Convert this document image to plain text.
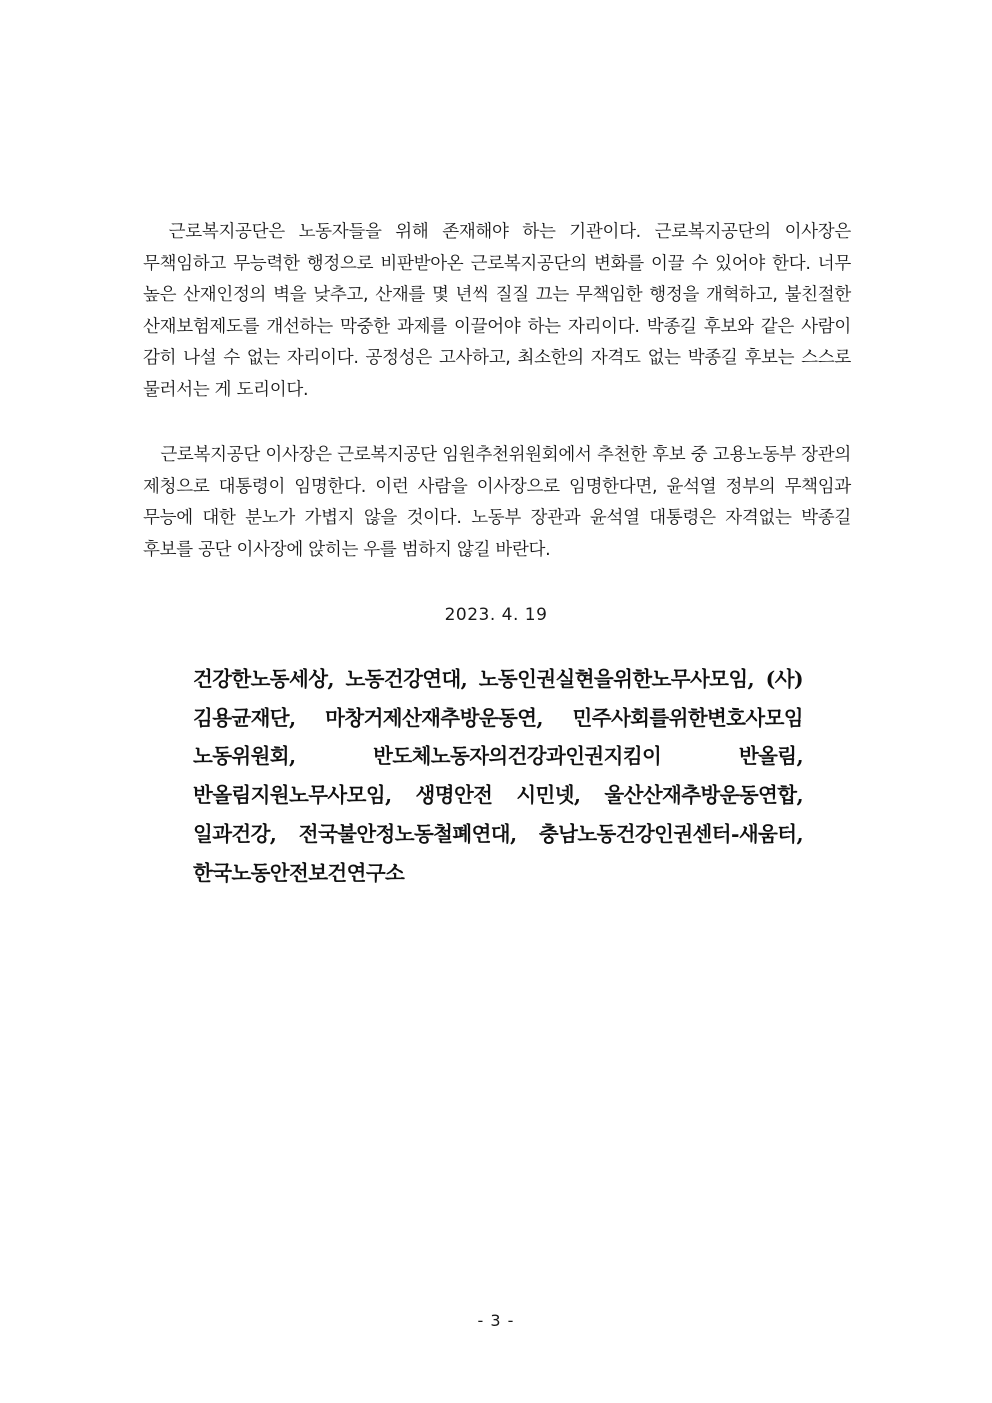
　근로복지공단은 노동자들을 위해 존재해야 하는 기관이다. 근로복지공단의 이사장은 무책임하고 무능력한 행정으로 비판받아온 근로복지공단의 변화를 이끌 수 있어야 한다. 너무 높은 산재인정의 벽을 낮추고, 산재를 몇 년씩 질질 끄는 무책임한 행정을 개혁하고, 불친절한 산재보험제도를 개선하는 막중한 과제를 이끌어야 하는 자리이다. 박종길 후보와 같은 사람이 감히 나설 수 없는 자리이다. 공정성은 고사하고, 최소한의 자격도 없는 박종길 후보는 스스로 물러서는 게 도리이다.

　근로복지공단 이사장은 근로복지공단 임원추천위원회에서 추천한 후보 중 고용노동부 장관의 제청으로 대통령이 임명한다. 이런 사람을 이사장으로 임명한다면, 윤석열 정부의 무책임과 무능에 대한 분노가 가볍지 않을 것이다. 노동부 장관과 윤석열 대통령은 자격없는 박종길 후보를 공단 이사장에 앉히는 우를 범하지 않길 바란다.

2023. 4. 19

건강한노동세상, 노동건강연대, 노동인권실현을위한노무사모임, (사)김용균재단, 마창거제산재추방운동연, 민주사회를위한변호사모임 노동위원회, 반도체노동자의건강과인권지킴이 반올림, 반올림지원노무사모임, 생명안전 시민넷, 울산산재추방운동연합, 일과건강, 전국불안정노동철폐연대, 충남노동건강인권센터-새움터, 한국노동안전보건연구소

- 3 -
